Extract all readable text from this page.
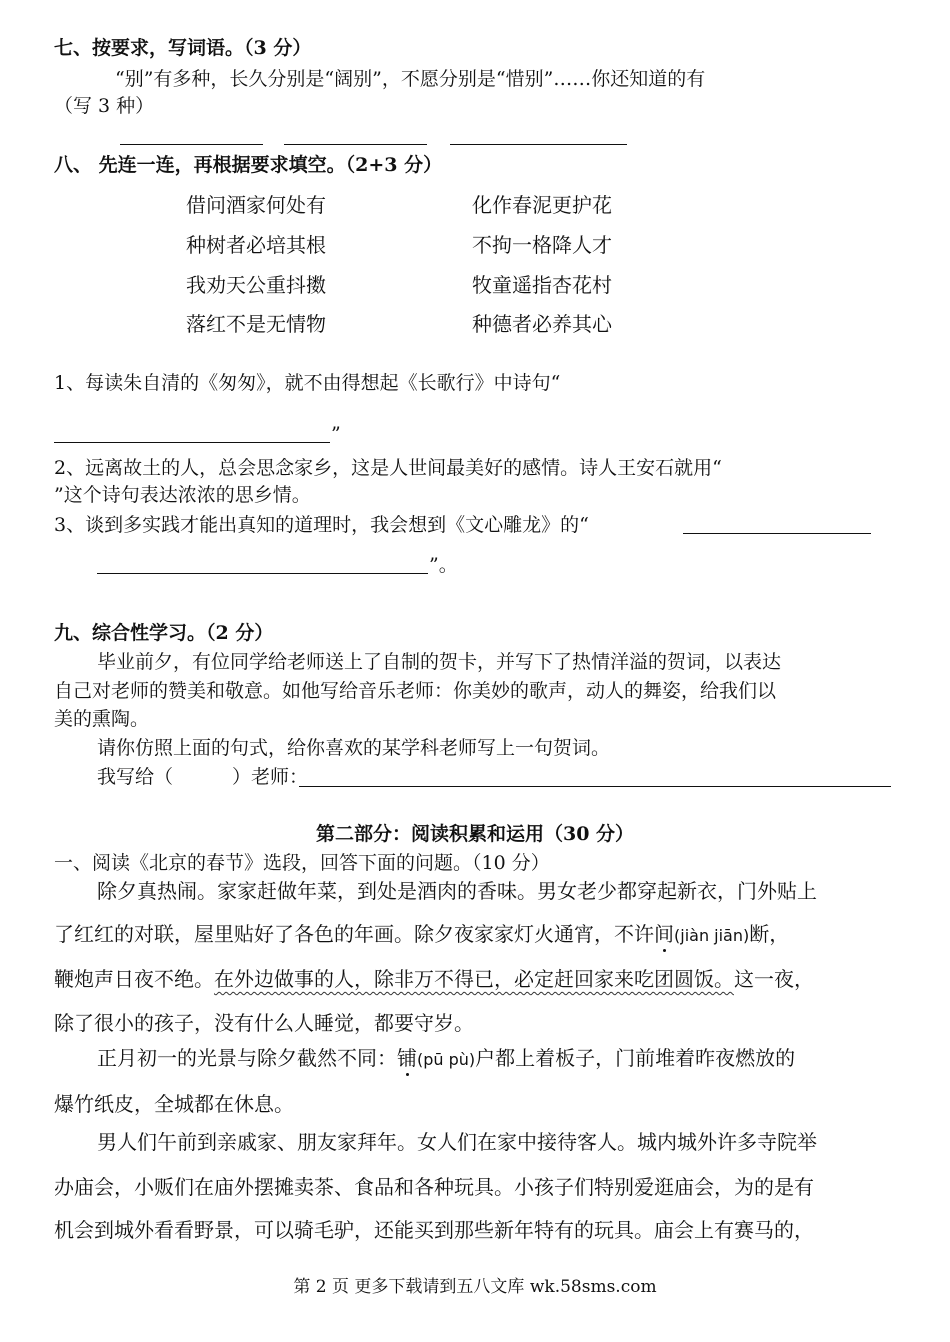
七、按要求，写词语。（3 分）
“别”有多种，长久分别是“阔别”，不愿分别是“惜别”……你还知道的有
（写 3 种）
八、 先连一连，再根据要求填空。（2+3 分）
借问酒家何处有	化作春泥更护花
种树者必培其根	不拘一格降人才
我劝天公重抖擞	牧童遥指杏花村
落红不是无情物	种德者必养其心
1、每读朱自清的《匆匆》，就不由得想起《长歌行》中诗句“
”
2、远离故土的人，总会思念家乡，这是人世间最美好的感情。诗人王安石就用“
”这个诗句表达浓浓的思乡情。
3、谈到多实践才能出真知的道理时，我会想到《文心雕龙》的“
”。
九、综合性学习。（2 分）
毕业前夕，有位同学给老师送上了自制的贺卡，并写下了热情洋溢的贺词，以表达
自己对老师的赞美和敬意。如他写给音乐老师：你美妙的歌声，动人的舞姿，给我们以
美的熏陶。
请你仿照上面的句式，给你喜欢的某学科老师写上一句贺词。
我写给（	）老师：
第二部分：阅读积累和运用（30 分）
一、阅读《北京的春节》选段，回答下面的问题。（10 分）
除夕真热闹。家家赶做年菜，到处是酒肉的香味。男女老少都穿起新衣，门外贴上
了红红的对联，屋里贴好了各色的年画。除夕夜家家灯火通宵，不许间(jiàn jiān)断，
鞭炮声日夜不绝。在外边做事的人，除非万不得已，必定赶回家来吃团圆饭。这一夜，
除了很小的孩子，没有什么人睡觉，都要守岁。
正月初一的光景与除夕截然不同：铺(pū pù)户都上着板子，门前堆着昨夜燃放的
爆竹纸皮，全城都在休息。
男人们午前到亲戚家、朋友家拜年。女人们在家中接待客人。城内城外许多寺院举
办庙会，小贩们在庙外摆摊卖茶、食品和各种玩具。小孩子们特别爱逛庙会，为的是有
机会到城外看看野景，可以骑毛驴，还能买到那些新年特有的玩具。庙会上有赛马的，
第 2 页 更多下载请到五八文库 wk.58sms.com
